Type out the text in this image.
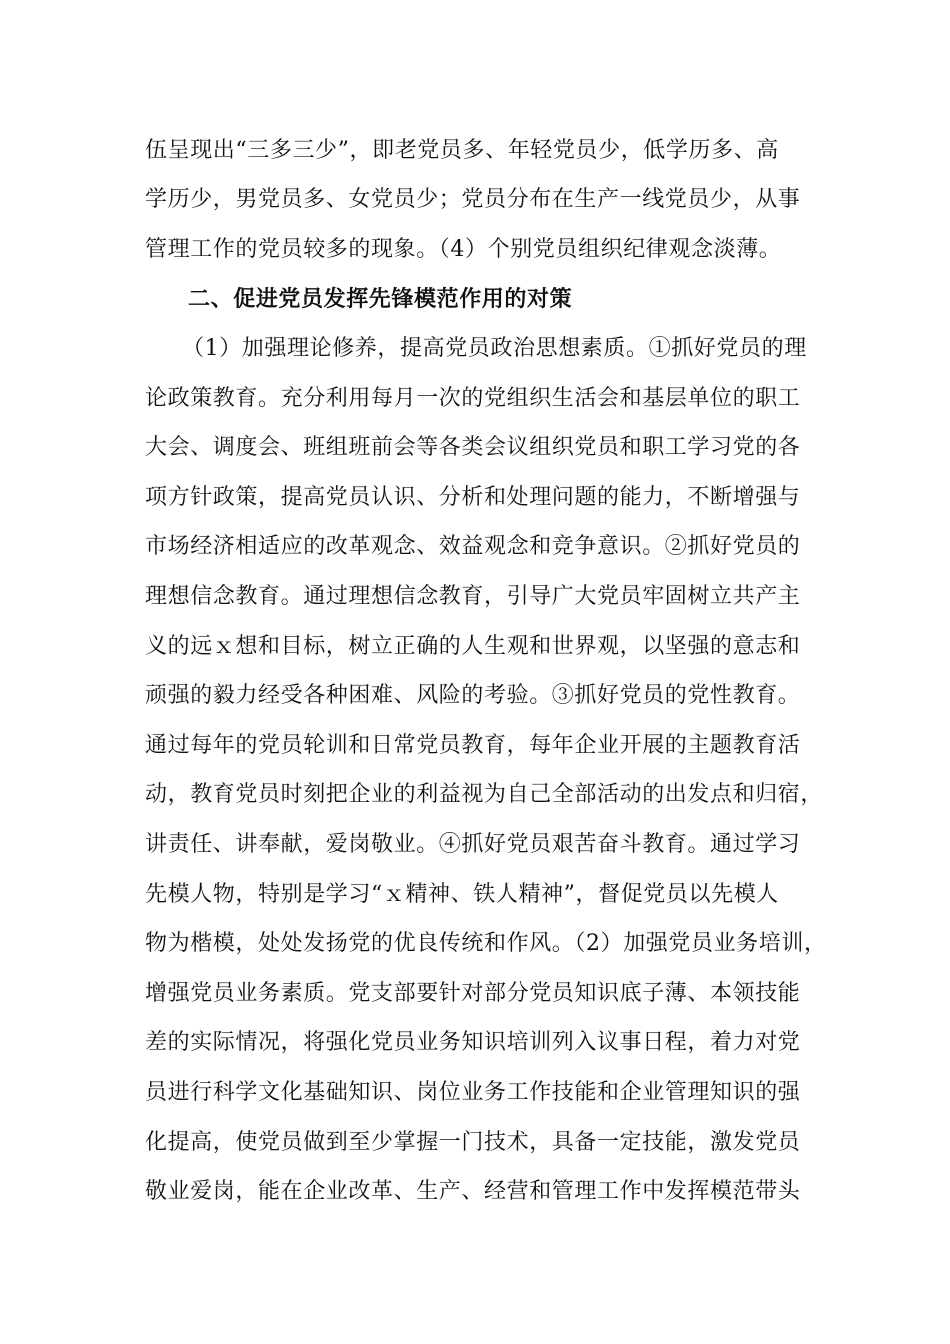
伍呈现出“三多三少”，即老党员多、年轻党员少，低学历多、高
学历少，男党员多、女党员少；党员分布在生产一线党员少，从事
管理工作的党员较多的现象。（4）个别党员组织纪律观念淡薄。
二、促进党员发挥先锋模范作用的对策
（1）加强理论修养，提高党员政治思想素质。①抓好党员的理
论政策教育。充分利用每月一次的党组织生活会和基层单位的职工
大会、调度会、班组班前会等各类会议组织党员和职工学习党的各
项方针政策，提高党员认识、分析和处理问题的能力，不断增强与
市场经济相适应的改革观念、效益观念和竞争意识。②抓好党员的
理想信念教育。通过理想信念教育，引导广大党员牢固树立共产主
义的远ｘ想和目标，树立正确的人生观和世界观，以坚强的意志和
顽强的毅力经受各种困难、风险的考验。③抓好党员的党性教育。
通过每年的党员轮训和日常党员教育，每年企业开展的主题教育活
动，教育党员时刻把企业的利益视为自己全部活动的出发点和归宿，
讲责任、讲奉献，爱岗敬业。④抓好党员艰苦奋斗教育。通过学习
先模人物，特别是学习“ｘ精神、铁人精神”，督促党员以先模人
物为楷模，处处发扬党的优良传统和作风。（2）加强党员业务培训，
增强党员业务素质。党支部要针对部分党员知识底子薄、本领技能
差的实际情况，将强化党员业务知识培训列入议事日程，着力对党
员进行科学文化基础知识、岗位业务工作技能和企业管理知识的强
化提高，使党员做到至少掌握一门技术，具备一定技能，激发党员
敬业爱岗，能在企业改革、生产、经营和管理工作中发挥模范带头
